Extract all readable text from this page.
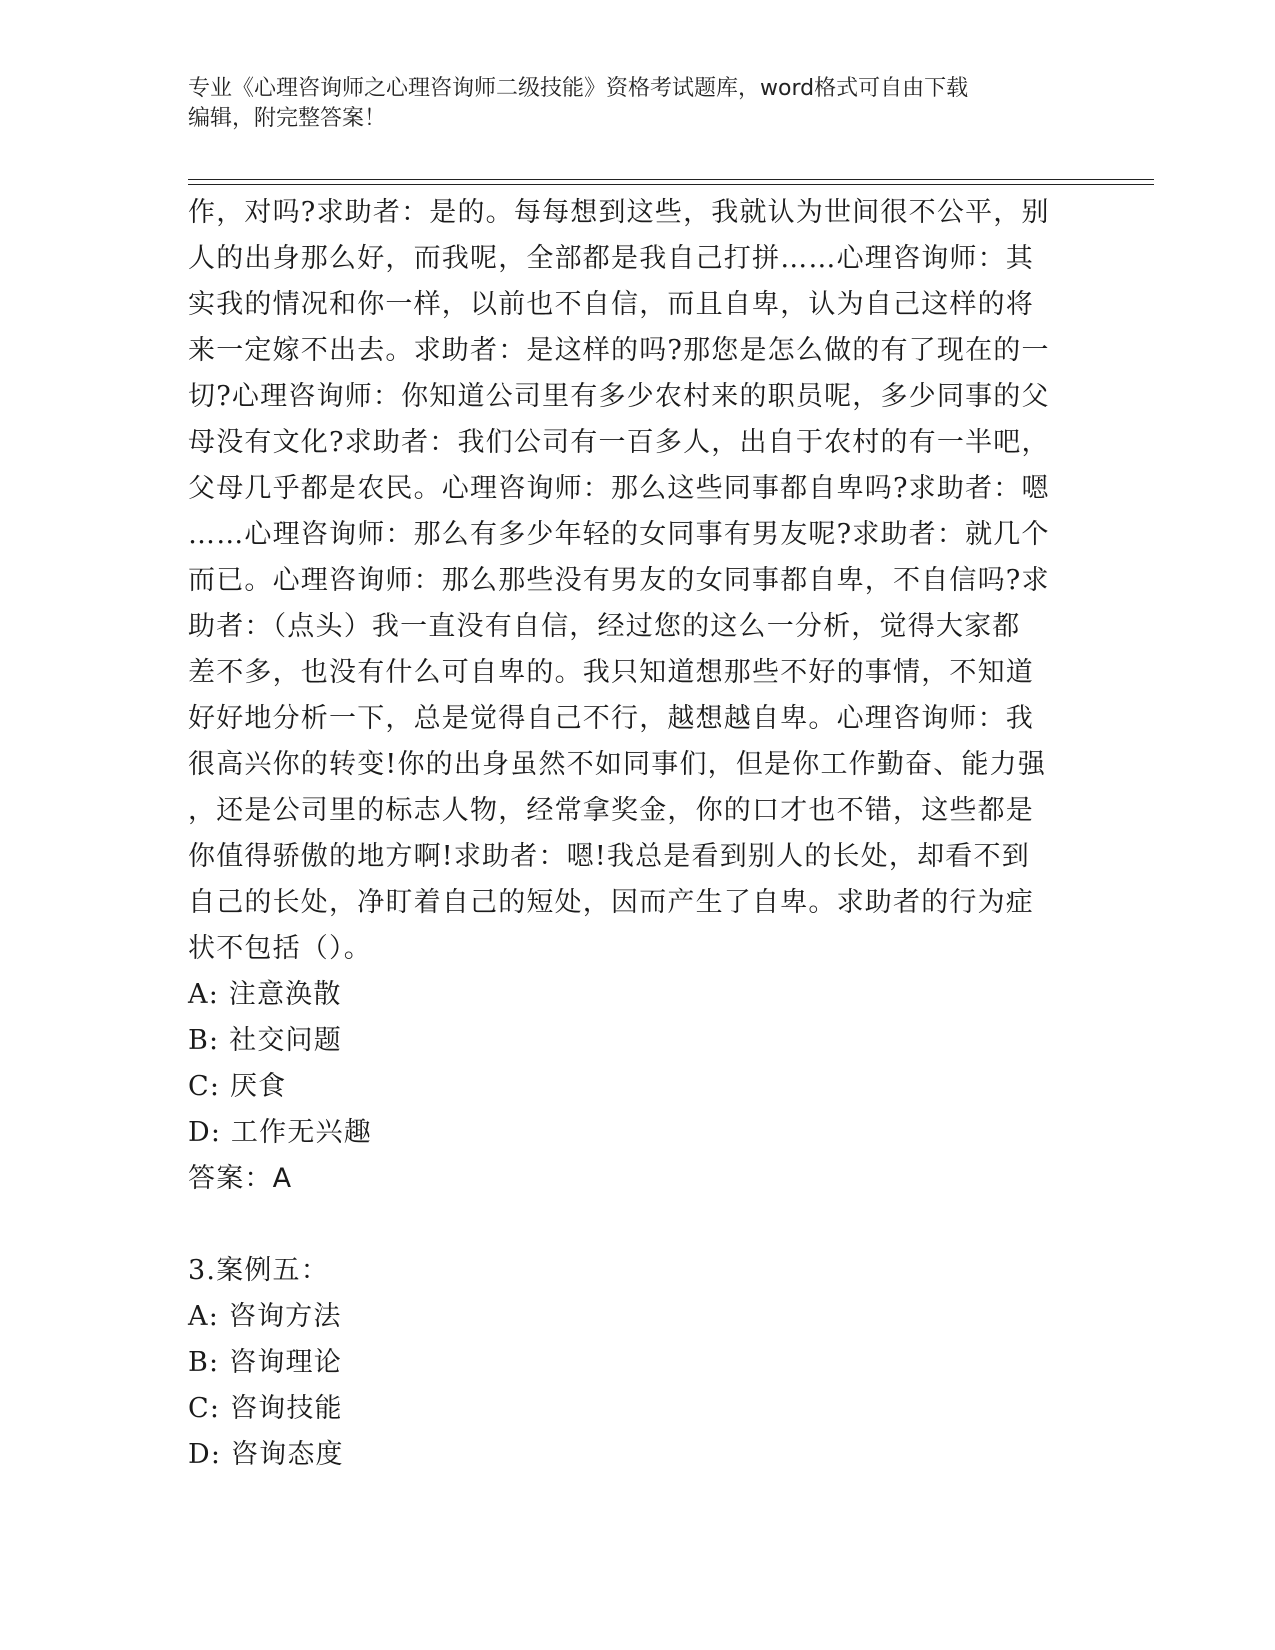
专业《心理咨询师之心理咨询师二级技能》资格考试题库，word格式可自由下载
编辑，附完整答案！
作，对吗?求助者：是的。每每想到这些，我就认为世间很不公平，别
人的出身那么好，而我呢，全部都是我自己打拼……心理咨询师：其
实我的情况和你一样，以前也不自信，而且自卑，认为自己这样的将
来一定嫁不出去。求助者：是这样的吗?那您是怎么做的有了现在的一
切?心理咨询师：你知道公司里有多少农村来的职员呢，多少同事的父
母没有文化?求助者：我们公司有一百多人，出自于农村的有一半吧，
父母几乎都是农民。心理咨询师：那么这些同事都自卑吗?求助者：嗯
……心理咨询师：那么有多少年轻的女同事有男友呢?求助者：就几个
而已。心理咨询师：那么那些没有男友的女同事都自卑，不自信吗?求
助者：（点头）我一直没有自信，经过您的这么一分析，觉得大家都
差不多，也没有什么可自卑的。我只知道想那些不好的事情，不知道
好好地分析一下，总是觉得自己不行，越想越自卑。心理咨询师：我
很高兴你的转变!你的出身虽然不如同事们，但是你工作勤奋、能力强
，还是公司里的标志人物，经常拿奖金，你的口才也不错，这些都是
你值得骄傲的地方啊!求助者：嗯!我总是看到别人的长处，却看不到
自己的长处，净盯着自己的短处，因而产生了自卑。求助者的行为症
状不包括（）。
A: 注意涣散
B: 社交问题
C: 厌食
D: 工作无兴趣
答案：A
3.案例五：
A: 咨询方法
B: 咨询理论
C: 咨询技能
D: 咨询态度
